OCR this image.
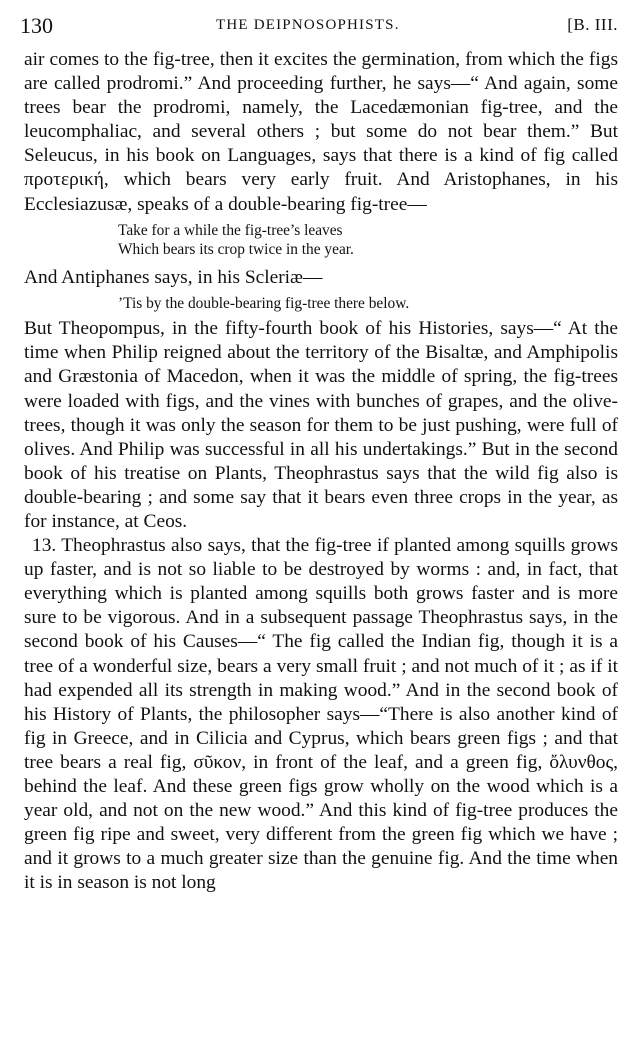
130	THE DEIPNOSOPHISTS.	[B. III.

air comes to the fig-tree, then it excites the germination, from which the figs are called prodromi.” And proceeding further, he says—“ And again, some trees bear the prodromi, namely, the Lacedæmonian fig-tree, and the leucomphaliac, and several others ; but some do not bear them.” But Seleucus, in his book on Languages, says that there is a kind of fig called προτερική, which bears very early fruit. And Aristophanes, in his Ecclesiazusæ, speaks of a double-bearing fig-tree—

Take for a while the fig-tree’s leaves
Which bears its crop twice in the year.

And Antiphanes says, in his Scleriæ—

’Tis by the double-bearing fig-tree there below.

But Theopompus, in the fifty-fourth book of his Histories, says—“ At the time when Philip reigned about the territory of the Bisaltæ, and Amphipolis and Græstonia of Macedon, when it was the middle of spring, the fig-trees were loaded with figs, and the vines with bunches of grapes, and the olive-trees, though it was only the season for them to be just pushing, were full of olives. And Philip was successful in all his undertakings.” But in the second book of his treatise on Plants, Theophrastus says that the wild fig also is double-bearing ; and some say that it bears even three crops in the year, as for instance, at Ceos.

13. Theophrastus also says, that the fig-tree if planted among squills grows up faster, and is not so liable to be destroyed by worms : and, in fact, that everything which is planted among squills both grows faster and is more sure to be vigorous. And in a subsequent passage Theophrastus says, in the second book of his Causes—“ The fig called the Indian fig, though it is a tree of a wonderful size, bears a very small fruit ; and not much of it ; as if it had expended all its strength in making wood.” And in the second book of his History of Plants, the philosopher says—“There is also another kind of fig in Greece, and in Cilicia and Cyprus, which bears green figs ; and that tree bears a real fig, σῦκον, in front of the leaf, and a green fig, ὄλυνθος, behind the leaf. And these green figs grow wholly on the wood which is a year old, and not on the new wood.” And this kind of fig-tree produces the green fig ripe and sweet, very different from the green fig which we have ; and it grows to a much greater size than the genuine fig. And the time when it is in season is not long
